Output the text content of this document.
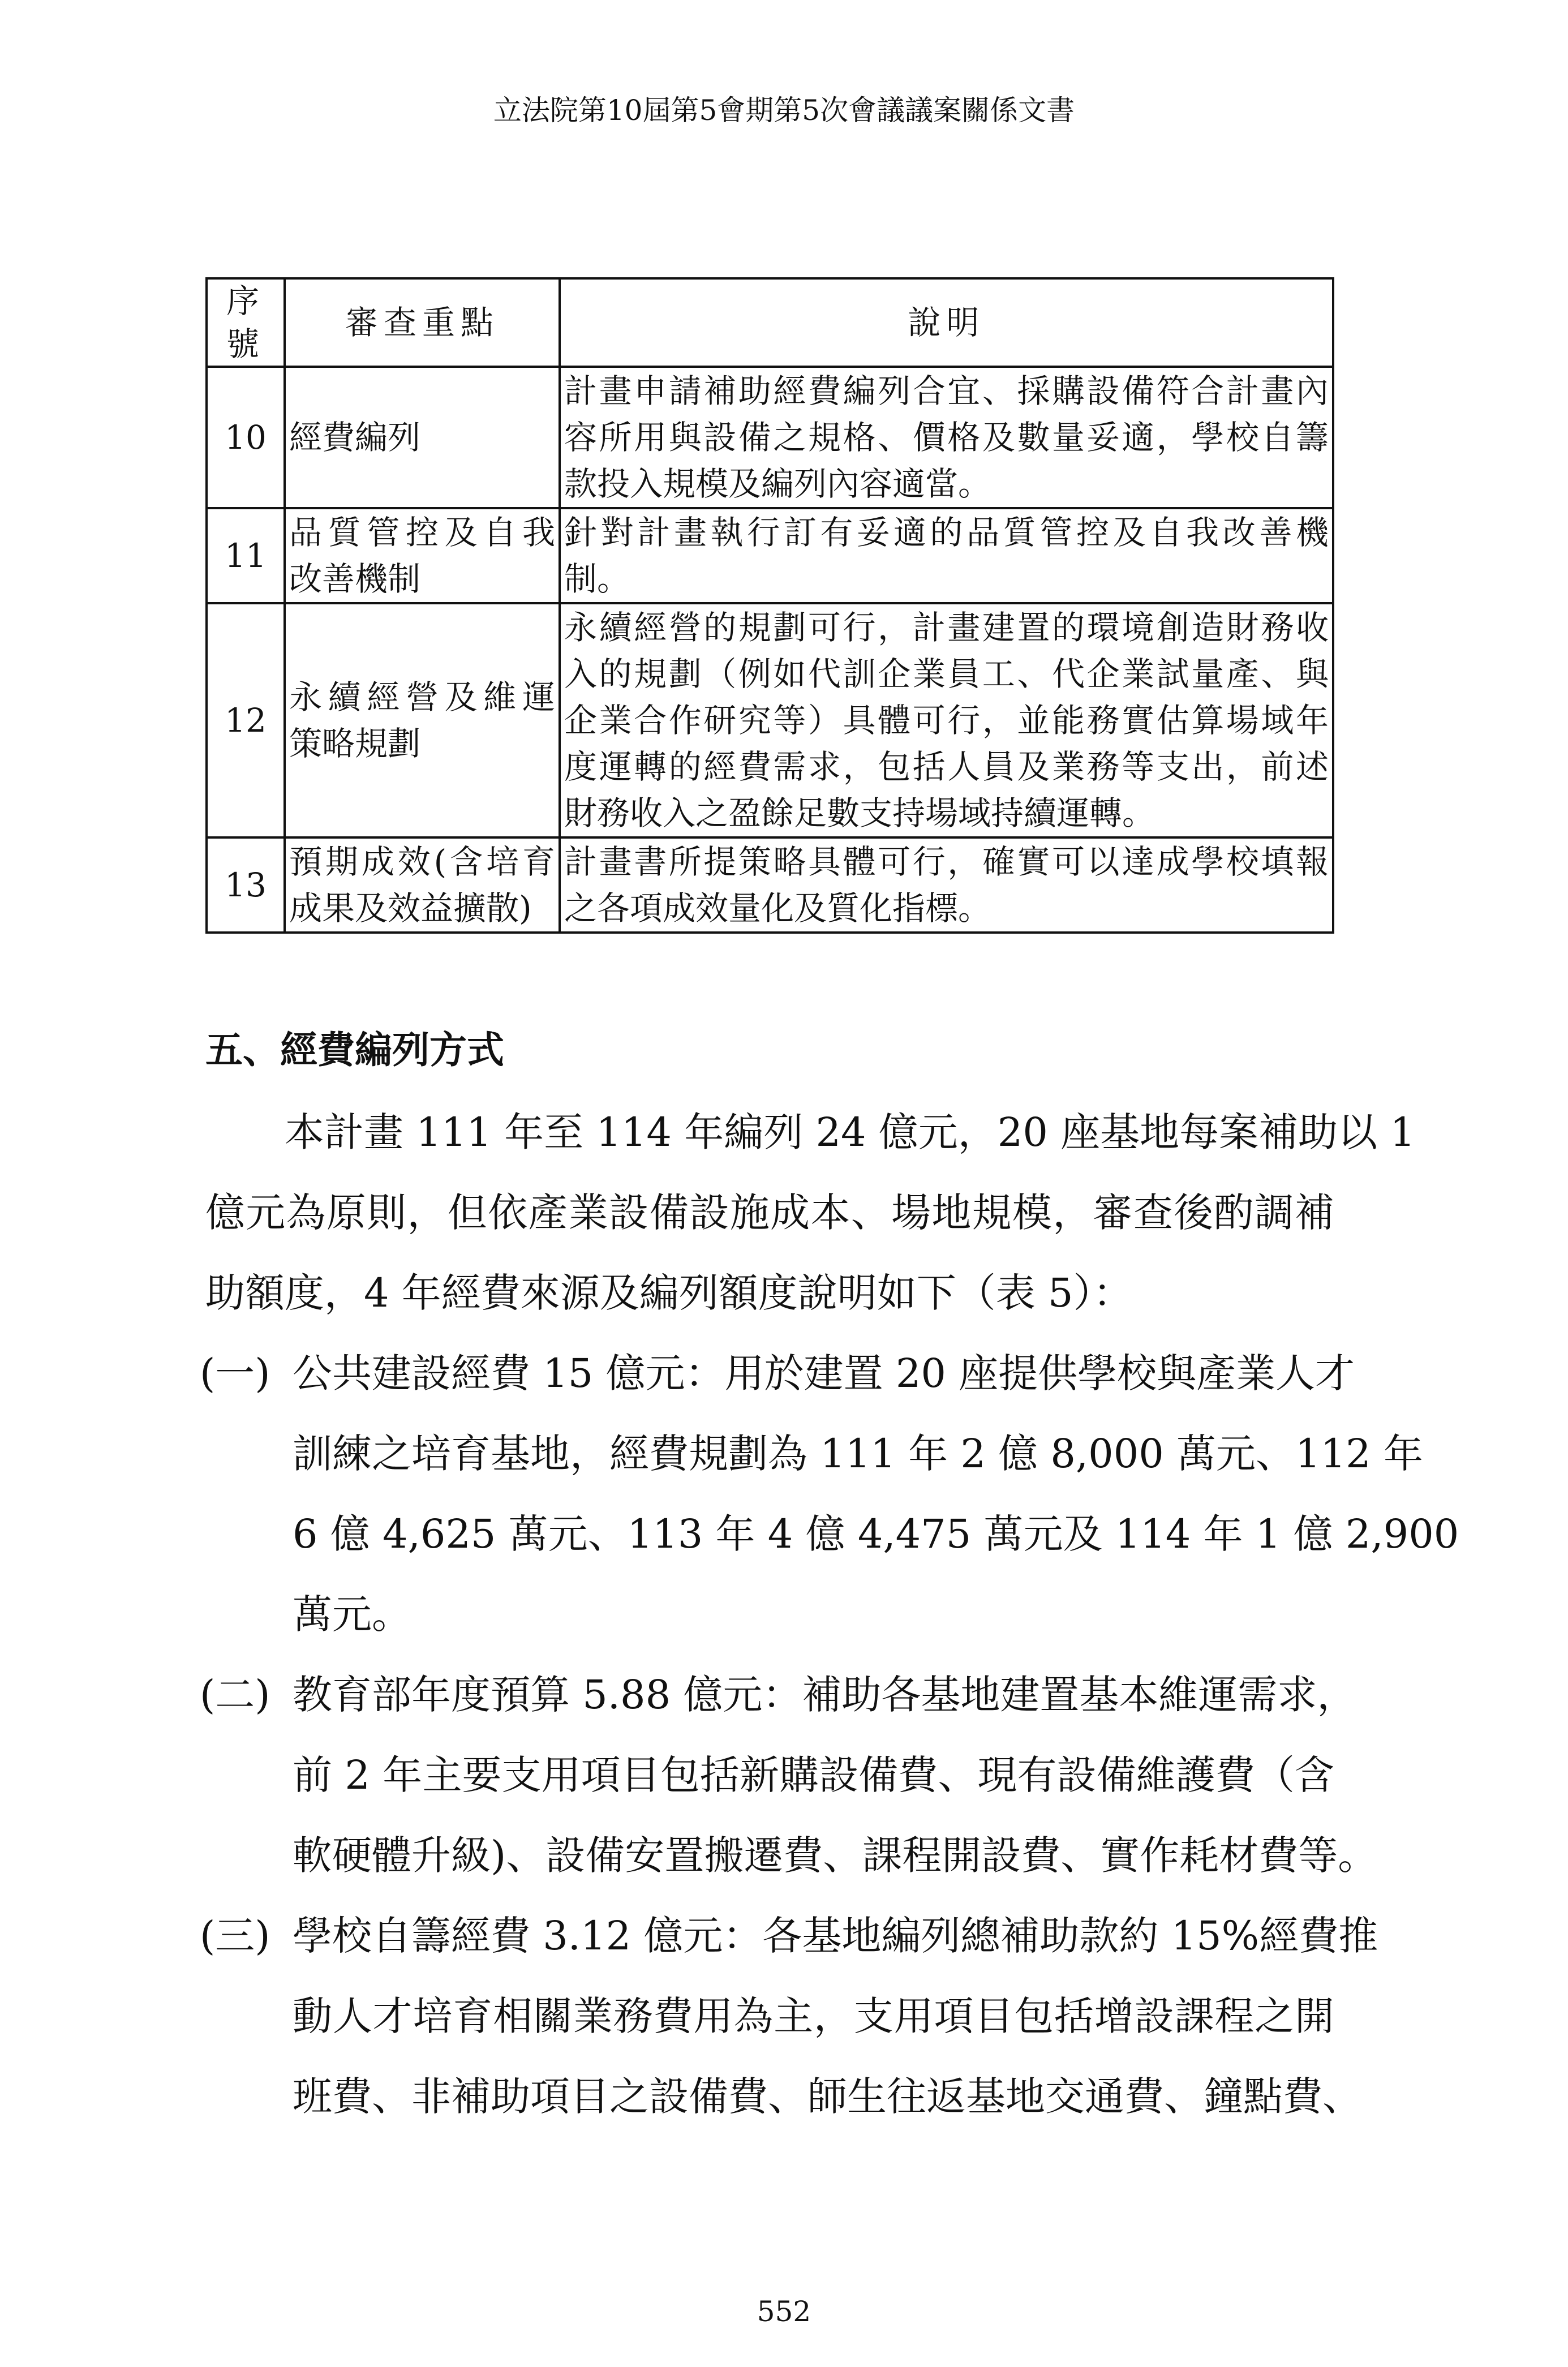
立法院第10屆第5會期第5次會議議案關係文書
序號	審查重點	說明
10	經費編列	計畫申請補助經費編列合宜、採購設備符合計畫內
容所用與設備之規格、價格及數量妥適，學校自籌
款投入規模及編列內容適當。

11	品質管控及自我
改善機制	針對計畫執行訂有妥適的品質管控及自我改善機
制。

12	永續經營及維運
策略規劃	永續經營的規劃可行，計畫建置的環境創造財務收
入的規劃（例如代訓企業員工、代企業試量產、與
企業合作研究等）具體可行，並能務實估算場域年
度運轉的經費需求，包括人員及業務等支出，前述
財務收入之盈餘足數支持場域持續運轉。

13	預期成效(含培育
成果及效益擴散)	計畫書所提策略具體可行，確實可以達成學校填報
之各項成效量化及質化指標。
五、經費編列方式
本計畫 111 年至 114 年編列 24 億元，20 座基地每案補助以 1
億元為原則，但依產業設備設施成本、場地規模，審查後酌調補
助額度，4 年經費來源及編列額度說明如下（表 5）：
(一) 公共建設經費 15 億元：用於建置 20 座提供學校與產業人才
訓練之培育基地，經費規劃為 111 年 2 億 8,000 萬元、112 年
6 億 4,625 萬元、113 年 4 億 4,475 萬元及 114 年 1 億 2,900
萬元。
(二) 教育部年度預算 5.88 億元：補助各基地建置基本維運需求，
前 2 年主要支用項目包括新購設備費、現有設備維護費（含
軟硬體升級)、設備安置搬遷費、課程開設費、實作耗材費等。
(三) 學校自籌經費 3.12 億元：各基地編列總補助款約 15%經費推
動人才培育相關業務費用為主，支用項目包括增設課程之開
班費、非補助項目之設備費、師生往返基地交通費、鐘點費、
552
